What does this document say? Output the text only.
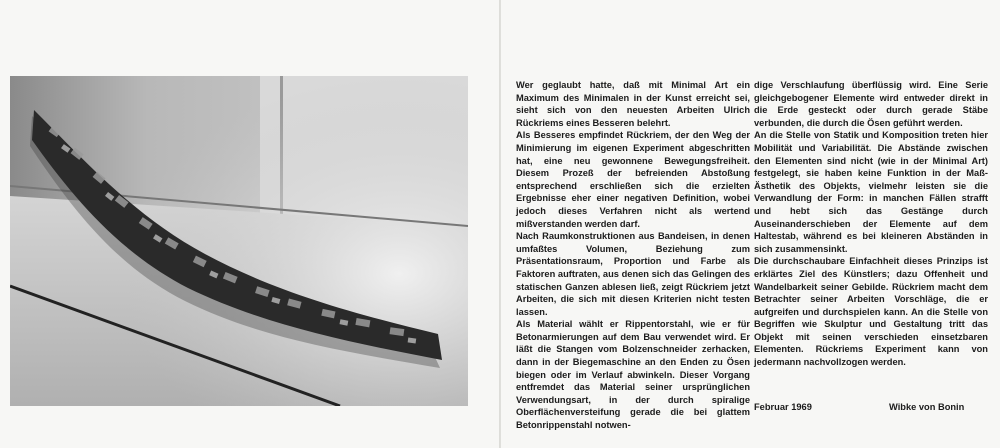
Wer geglaubt hatte, daß mit Minimal Art ein Maximum des Minimalen in der Kunst erreicht sei, sieht sich von den neuesten Arbeiten Ulrich Rückriems eines Besseren belehrt.

Als Besseres empfindet Rückriem, der den Weg der Minimierung im eigenen Experiment abgeschritten hat, eine neu gewonnene Bewegungsfreiheit. Diesem Prozeß der befreienden Abstoßung entsprechend erschließen sich die erzielten Ergebnisse eher einer negativen Definition, wobei jedoch dieses Verfahren nicht als wertend mißverstanden werden darf.

Nach Raumkonstruktionen aus Bandeisen, in denen umfaßtes Volumen, Beziehung zum Präsentationsraum, Proportion und Farbe als Faktoren auftraten, aus denen sich das Gelingen des statischen Ganzen ablesen ließ, zeigt Rückriem jetzt Arbeiten, die sich mit diesen Kriterien nicht testen lassen.

Als Material wählt er Rippentorstahl, wie er für Betonarmierungen auf dem Bau verwendet wird. Er läßt die Stangen vom Bolzenschneider zerhacken, dann in der Biegemaschine an den Enden zu Ösen biegen oder im Verlauf abwinkeln. Dieser Vorgang entfremdet das Material seiner ursprünglichen Verwendungsart, in der durch spiralige Oberflächenversteifung gerade die bei glattem Betonrippenstahl notwen-

dige Verschlaufung überflüssig wird. Eine Serie gleichgebogener Elemente wird entweder direkt in die Erde gesteckt oder durch gerade Stäbe verbunden, die durch die Ösen geführt werden.

An die Stelle von Statik und Komposition treten hier Mobilität und Variabilität. Die Abstände zwischen den Elementen sind nicht (wie in der Minimal Art) festgelegt, sie haben keine Funktion in der Maß-Ästhetik des Objekts, vielmehr leisten sie die Verwandlung der Form: in manchen Fällen strafft und hebt sich das Gestänge durch Auseinanderschieben der Elemente auf dem Haltestab, während es bei kleineren Abständen in sich zusammensinkt.

Die durchschaubare Einfachheit dieses Prinzips ist erklärtes Ziel des Künstlers; dazu Offenheit und Wandelbarkeit seiner Gebilde. Rückriem macht dem Betrachter seiner Arbeiten Vorschläge, die er aufgreifen und durchspielen kann. An die Stelle von Begriffen wie Skulptur und Gestaltung tritt das Objekt mit seinen verschieden einsetzbaren Elementen. Rückriems Experiment kann von jedermann nachvollzogen werden.

Februar 1969	Wibke von Bonin
